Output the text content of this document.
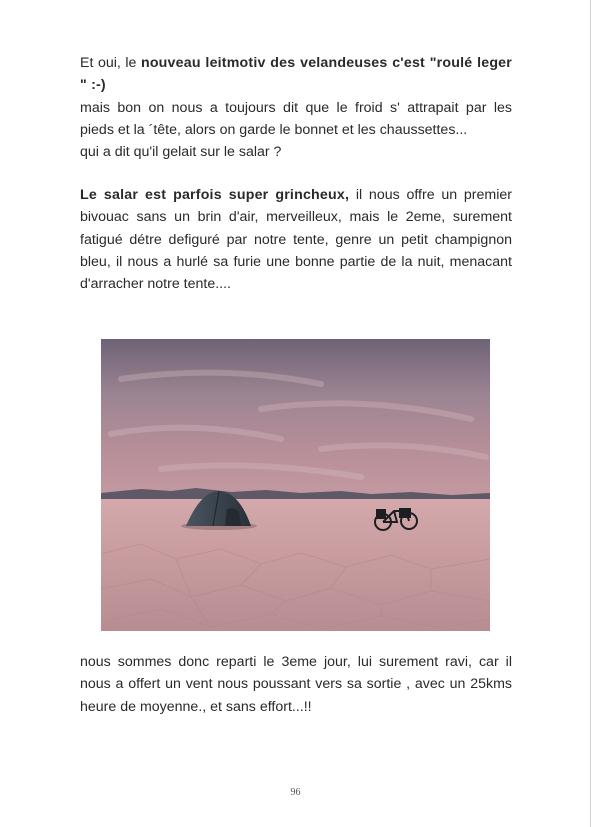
Et oui, le nouveau leitmotiv des velandeuses c'est "roulé leger " :-)

mais bon on nous a toujours dit que le froid s' attrapait par les

pieds et la ´tête, alors on garde le bonnet et les chaussettes...

qui a dit qu'il gelait sur le salar ?

Le salar est parfois super grincheux, il nous offre un premier bivouac sans un brin d'air, merveilleux, mais le 2eme, surement fatigué détre defiguré par notre tente, genre un petit champignon bleu, il nous a hurlé sa furie une bonne partie de la nuit, menacant d'arracher notre tente....

nous sommes donc reparti le 3eme jour, lui surement ravi, car il nous a offert un vent nous poussant vers sa sortie , avec un 25kms heure de moyenne., et sans effort...!!

96
